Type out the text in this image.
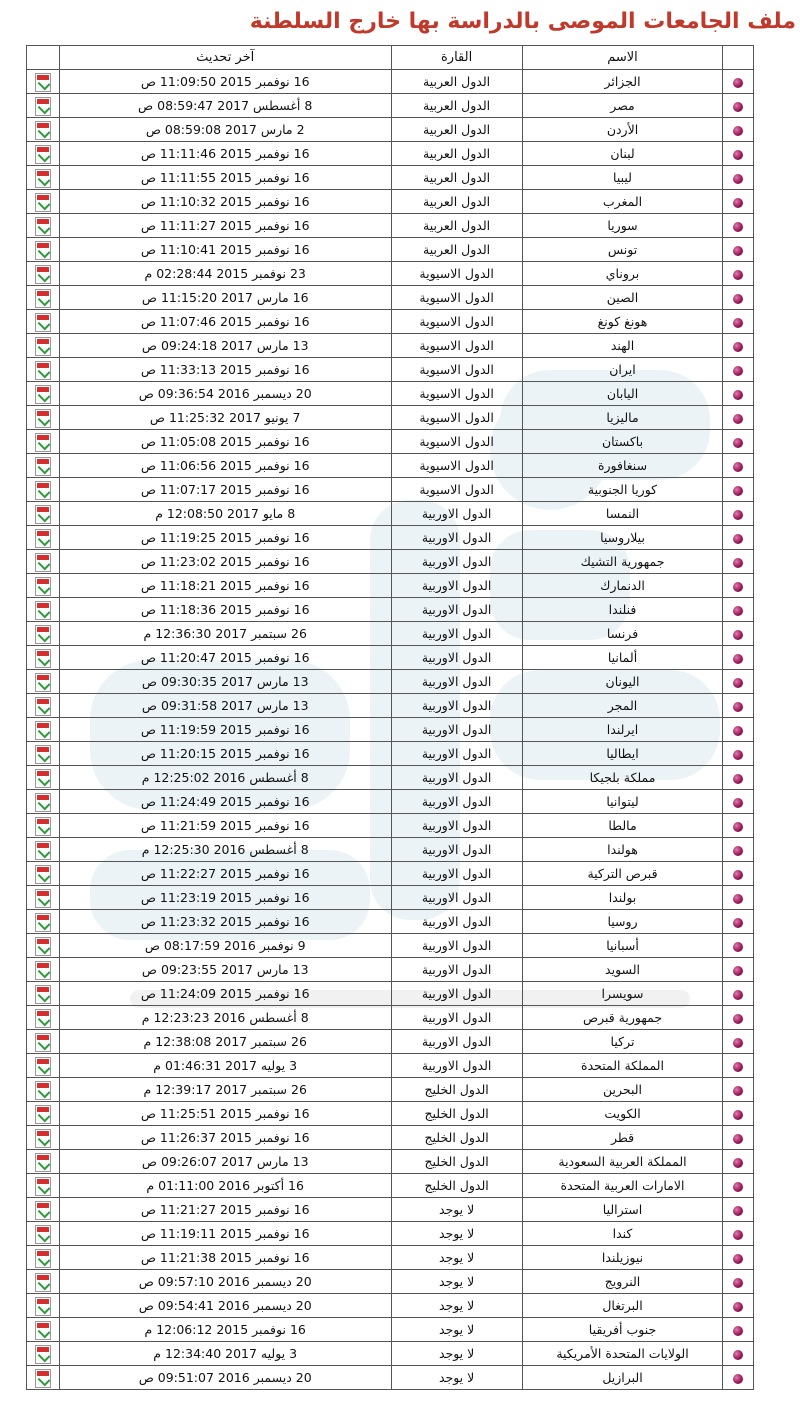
ملف الجامعات الموصى بالدراسة بها خارج السلطنة
	الاسم	القارة	آخر تحديث	
	الجزائر	الدول العربية	16 نوفمبر 2015 11:09:50 ص	
	مصر	الدول العربية	8 أغسطس 2017 08:59:47 ص	
	الأردن	الدول العربية	2 مارس 2017 08:59:08 ص	
	لبنان	الدول العربية	16 نوفمبر 2015 11:11:46 ص	
	ليبيا	الدول العربية	16 نوفمبر 2015 11:11:55 ص	
	المغرب	الدول العربية	16 نوفمبر 2015 11:10:32 ص	
	سوريا	الدول العربية	16 نوفمبر 2015 11:11:27 ص	
	تونس	الدول العربية	16 نوفمبر 2015 11:10:41 ص	
	بروناي	الدول الاسيوية	23 نوفمبر 2015 02:28:44 م	
	الصين	الدول الاسيوية	16 مارس 2017 11:15:20 ص	
	هونغ كونغ	الدول الاسيوية	16 نوفمبر 2015 11:07:46 ص	
	الهند	الدول الاسيوية	13 مارس 2017 09:24:18 ص	
	ايران	الدول الاسيوية	16 نوفمبر 2015 11:33:13 ص	
	اليابان	الدول الاسيوية	20 ديسمبر 2016 09:36:54 ص	
	ماليزيا	الدول الاسيوية	7 يونيو 2017 11:25:32 ص	
	باكستان	الدول الاسيوية	16 نوفمبر 2015 11:05:08 ص	
	سنغافورة	الدول الاسيوية	16 نوفمبر 2015 11:06:56 ص	
	كوريا الجنوبية	الدول الاسيوية	16 نوفمبر 2015 11:07:17 ص	
	النمسا	الدول الاوربية	8 مايو 2017 12:08:50 م	
	بيلاروسيا	الدول الاوربية	16 نوفمبر 2015 11:19:25 ص	
	جمهورية التشيك	الدول الاوربية	16 نوفمبر 2015 11:23:02 ص	
	الدنمارك	الدول الاوربية	16 نوفمبر 2015 11:18:21 ص	
	فنلندا	الدول الاوربية	16 نوفمبر 2015 11:18:36 ص	
	فرنسا	الدول الاوربية	26 سبتمبر 2017 12:36:30 م	
	ألمانيا	الدول الاوربية	16 نوفمبر 2015 11:20:47 ص	
	اليونان	الدول الاوربية	13 مارس 2017 09:30:35 ص	
	المجر	الدول الاوربية	13 مارس 2017 09:31:58 ص	
	ايرلندا	الدول الاوربية	16 نوفمبر 2015 11:19:59 ص	
	ايطاليا	الدول الاوربية	16 نوفمبر 2015 11:20:15 ص	
	مملكة بلجيكا	الدول الاوربية	8 أغسطس 2016 12:25:02 م	
	ليتوانيا	الدول الاوربية	16 نوفمبر 2015 11:24:49 ص	
	مالطا	الدول الاوربية	16 نوفمبر 2015 11:21:59 ص	
	هولندا	الدول الاوربية	8 أغسطس 2016 12:25:30 م	
	قبرص التركية	الدول الاوربية	16 نوفمبر 2015 11:22:27 ص	
	بولندا	الدول الاوربية	16 نوفمبر 2015 11:23:19 ص	
	روسيا	الدول الاوربية	16 نوفمبر 2015 11:23:32 ص	
	أسبانيا	الدول الاوربية	9 نوفمبر 2016 08:17:59 ص	
	السويد	الدول الاوربية	13 مارس 2017 09:23:55 ص	
	سويسرا	الدول الاوربية	16 نوفمبر 2015 11:24:09 ص	
	جمهورية قبرص	الدول الاوربية	8 أغسطس 2016 12:23:23 م	
	تركيا	الدول الاوربية	26 سبتمبر 2017 12:38:08 م	
	المملكة المتحدة	الدول الاوربية	3 يوليه 2017 01:46:31 م	
	البحرين	الدول الخليج	26 سبتمبر 2017 12:39:17 م	
	الكويت	الدول الخليج	16 نوفمبر 2015 11:25:51 ص	
	قطر	الدول الخليج	16 نوفمبر 2015 11:26:37 ص	
	المملكة العربية السعودية	الدول الخليج	13 مارس 2017 09:26:07 ص	
	الامارات العربية المتحدة	الدول الخليج	16 أكتوبر 2016 01:11:00 م	
	استراليا	لا يوجد	16 نوفمبر 2015 11:21:27 ص	
	كندا	لا يوجد	16 نوفمبر 2015 11:19:11 ص	
	نيوزيلندا	لا يوجد	16 نوفمبر 2015 11:21:38 ص	
	النرويج	لا يوجد	20 ديسمبر 2016 09:57:10 ص	
	البرتغال	لا يوجد	20 ديسمبر 2016 09:54:41 ص	
	جنوب أفريقيا	لا يوجد	16 نوفمبر 2015 12:06:12 م	
	الولايات المتحدة الأمريكية	لا يوجد	3 يوليه 2017 12:34:40 م	
	البرازيل	لا يوجد	20 ديسمبر 2016 09:51:07 ص	
